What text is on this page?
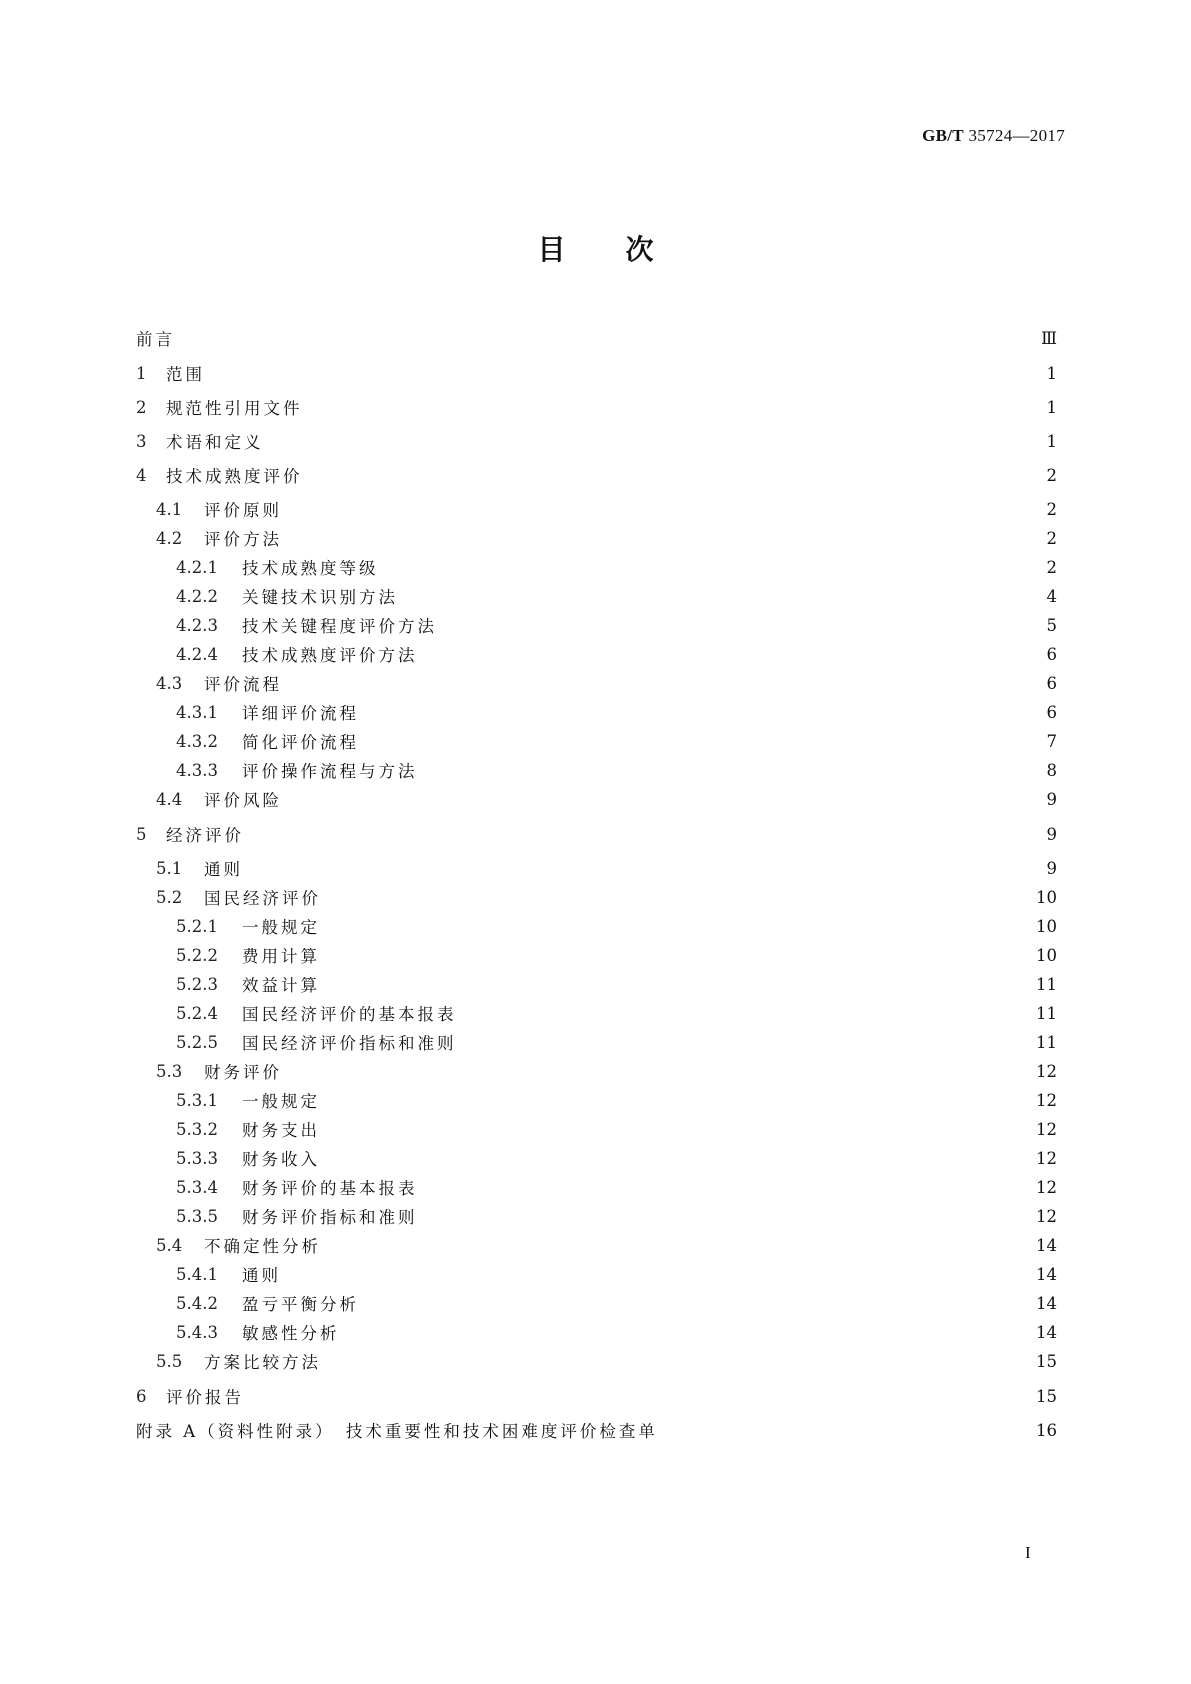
GB/T 35724—2017
目次
前言	Ⅲ
1	范围	1
2	规范性引用文件	1
3	术语和定义	1
4	技术成熟度评价	2
4.1	评价原则	2
4.2	评价方法	2
4.2.1	技术成熟度等级	2
4.2.2	关键技术识别方法	4
4.2.3	技术关键程度评价方法	5
4.2.4	技术成熟度评价方法	6
4.3	评价流程	6
4.3.1	详细评价流程	6
4.3.2	简化评价流程	7
4.3.3	评价操作流程与方法	8
4.4	评价风险	9
5	经济评价	9
5.1	通则	9
5.2	国民经济评价	10
5.2.1	一般规定	10
5.2.2	费用计算	10
5.2.3	效益计算	11
5.2.4	国民经济评价的基本报表	11
5.2.5	国民经济评价指标和准则	11
5.3	财务评价	12
5.3.1	一般规定	12
5.3.2	财务支出	12
5.3.3	财务收入	12
5.3.4	财务评价的基本报表	12
5.3.5	财务评价指标和准则	12
5.4	不确定性分析	14
5.4.1	通则	14
5.4.2	盈亏平衡分析	14
5.4.3	敏感性分析	14
5.5	方案比较方法	15
6	评价报告	15
附录 A（资料性附录）　技术重要性和技术困难度评价检查单	16
I
